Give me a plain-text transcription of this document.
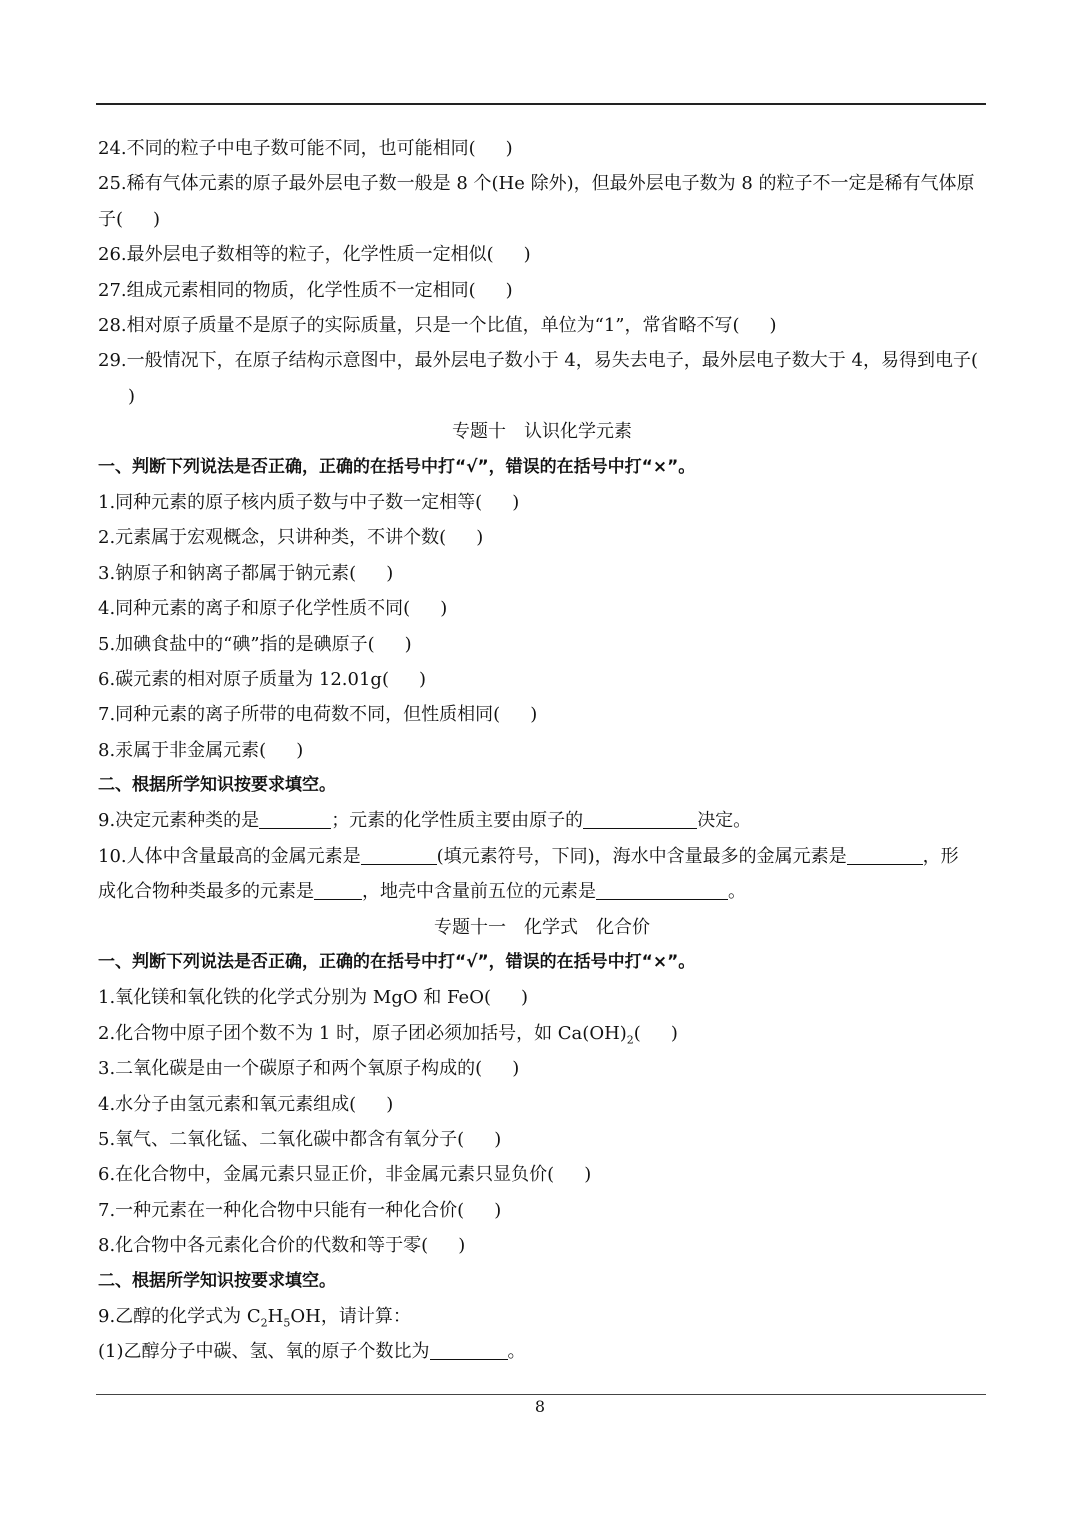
24.不同的粒子中电子数可能不同，也可能相同( )
25.稀有气体元素的原子最外层电子数一般是 8 个(He 除外)，但最外层电子数为 8 的粒子不一定是稀有气体原子( )
26.最外层电子数相等的粒子，化学性质一定相似( )
27.组成元素相同的物质，化学性质不一定相同( )
28.相对原子质量不是原子的实际质量，只是一个比值，单位为“1”，常省略不写( )
29.一般情况下，在原子结构示意图中，最外层电子数小于 4，易失去电子，最外层电子数大于 4，易得到电子()
专题十　认识化学元素
一、判断下列说法是否正确，正确的在括号中打“√”，错误的在括号中打“×”。
1.同种元素的原子核内质子数与中子数一定相等( )
2.元素属于宏观概念，只讲种类，不讲个数( )
3.钠原子和钠离子都属于钠元素( )
4.同种元素的离子和原子化学性质不同( )
5.加碘食盐中的“碘”指的是碘原子( )
6.碳元素的相对原子质量为 12.01g( )
7.同种元素的离子所带的电荷数不同，但性质相同( )
8.汞属于非金属元素( )
二、根据所学知识按要求填空。
9.决定元素种类的是	；元素的化学性质主要由原子的	决定。
10.人体中含量最高的金属元素是	(填元素符号，下同)，海水中含量最多的金属元素是	，形
成化合物种类最多的元素是	，地壳中含量前五位的元素是	。
专题十一　化学式　化合价
一、判断下列说法是否正确，正确的在括号中打“√”，错误的在括号中打“×”。
1.氧化镁和氧化铁的化学式分别为 MgO 和 FeO( )
2.化合物中原子团个数不为 1 时，原子团必须加括号，如 $Ca(OH)_2$( )
3.二氧化碳是由一个碳原子和两个氧原子构成的( )
4.水分子由氢元素和氧元素组成( )
5.氧气、二氧化锰、二氧化碳中都含有氧分子( )
6.在化合物中，金属元素只显正价，非金属元素只显负价( )
7.一种元素在一种化合物中只能有一种化合价( )
8.化合物中各元素化合价的代数和等于零( )
二、根据所学知识按要求填空。
9.乙醇的化学式为 $C_2H_5OH$，请计算：
(1)乙醇分子中碳、氢、氧的原子个数比为	。
8
